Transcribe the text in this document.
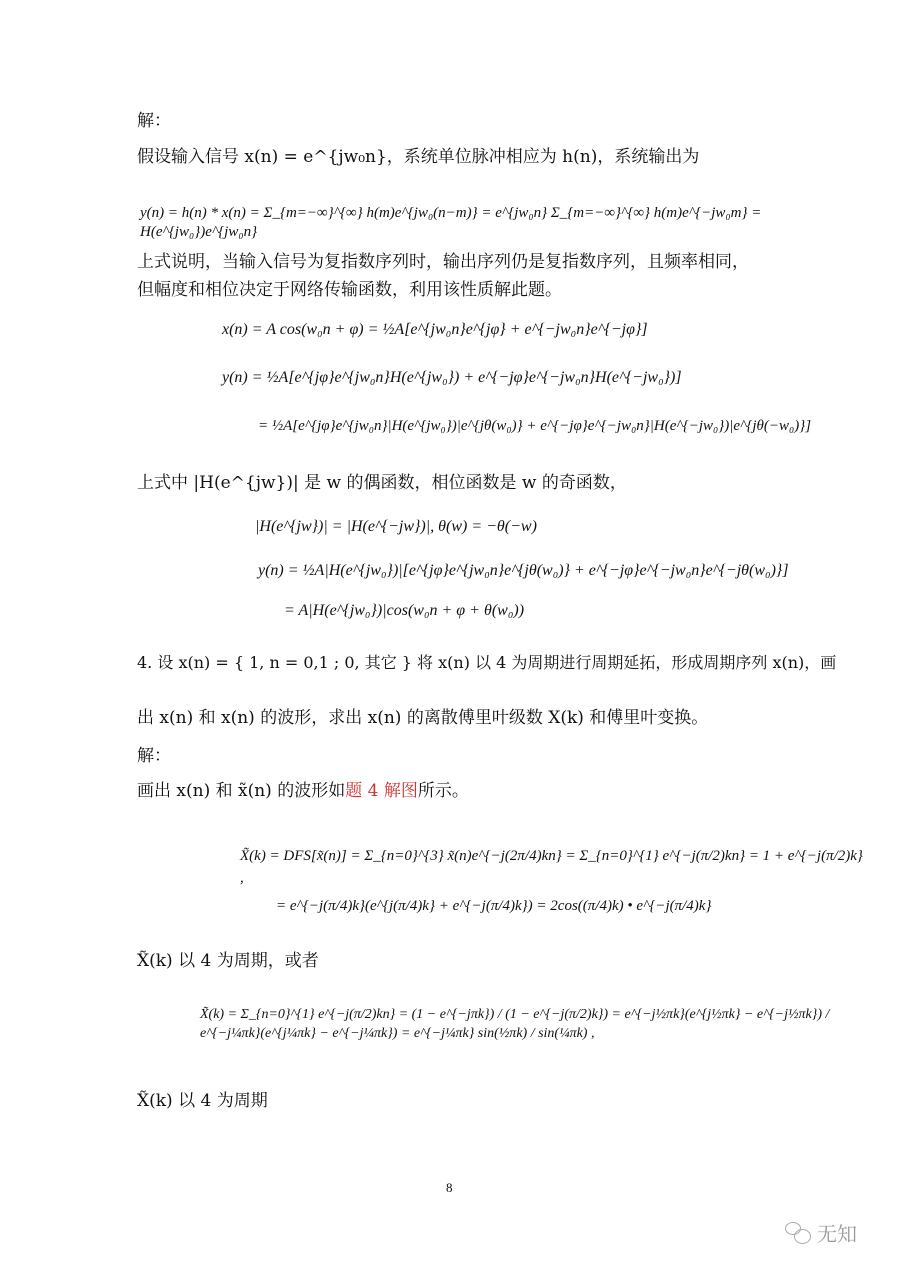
解：
假设输入信号 x(n) = e^{jw₀n}，系统单位脉冲相应为 h(n)，系统输出为
y(n) = h(n) * x(n) = Σ_{m=−∞}^{∞} h(m)e^{jw₀(n−m)} = e^{jw₀n} Σ_{m=−∞}^{∞} h(m)e^{−jw₀m} = H(e^{jw₀})e^{jw₀n}
上式说明，当输入信号为复指数序列时，输出序列仍是复指数序列，且频率相同，
但幅度和相位决定于网络传输函数，利用该性质解此题。
x(n) = A cos(w₀n + φ) = ½A[e^{jw₀n}e^{jφ} + e^{−jw₀n}e^{−jφ}]
y(n) = ½A[e^{jφ}e^{jw₀n}H(e^{jw₀}) + e^{−jφ}e^{−jw₀n}H(e^{−jw₀})]
= ½A[e^{jφ}e^{jw₀n}|H(e^{jw₀})|e^{jθ(w₀)} + e^{−jφ}e^{−jw₀n}|H(e^{−jw₀})|e^{jθ(−w₀)}]
上式中 |H(e^{jw})| 是 w 的偶函数，相位函数是 w 的奇函数，
|H(e^{jw})| = |H(e^{−jw})|, θ(w) = −θ(−w)
y(n) = ½A|H(e^{jw₀})|[e^{jφ}e^{jw₀n}e^{jθ(w₀)} + e^{−jφ}e^{−jw₀n}e^{−jθ(w₀)}]
= A|H(e^{jw₀})|cos(w₀n + φ + θ(w₀))
4. 设 x(n) = { 1, n = 0,1 ; 0, 其它 } 将 x(n) 以 4 为周期进行周期延拓，形成周期序列 x(n)，画
出 x(n) 和 x(n) 的波形，求出 x(n) 的离散傅里叶级数 X(k) 和傅里叶变换。
解：
画出 x(n) 和 x̃(n) 的波形如题 4 解图所示。
X̃(k) = DFS[x̃(n)] = Σ_{n=0}^{3} x̃(n)e^{−j(2π/4)kn} = Σ_{n=0}^{1} e^{−j(π/2)kn} = 1 + e^{−j(π/2)k} ,
= e^{−j(π/4)k}(e^{j(π/4)k} + e^{−j(π/4)k}) = 2cos((π/4)k) • e^{−j(π/4)k}
X̃(k) 以 4 为周期，或者
X̃(k) = Σ_{n=0}^{1} e^{−j(π/2)kn} = (1 − e^{−jπk}) / (1 − e^{−j(π/2)k}) = e^{−j½πk}(e^{j½πk} − e^{−j½πk}) / e^{−j¼πk}(e^{j¼πk} − e^{−j¼πk}) = e^{−j¼πk} sin(½πk) / sin(¼πk) ,
X̃(k) 以 4 为周期
8
无知
